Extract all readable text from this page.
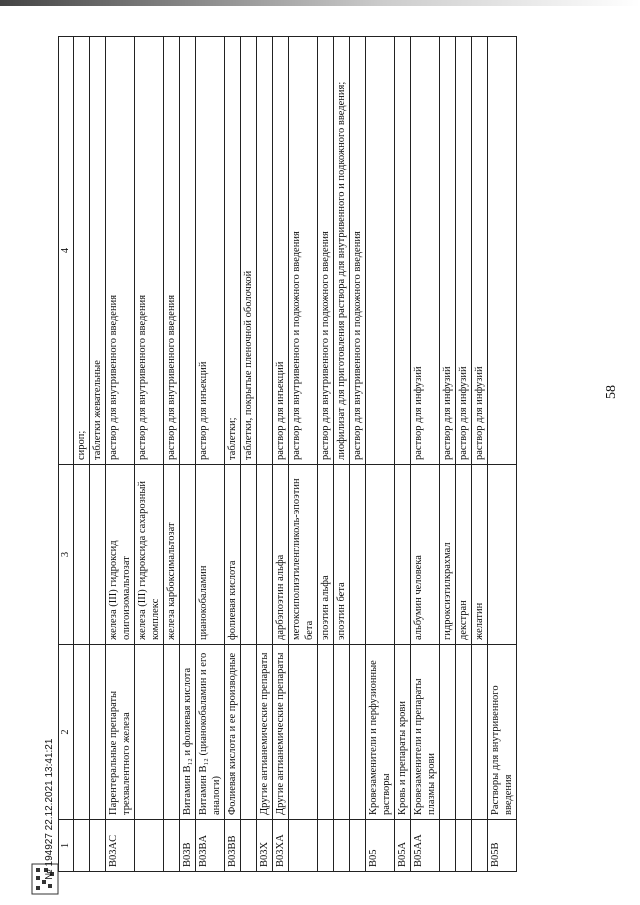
58
1	2	3	4
			сироп;
			таблетки жевательные
B03AC	Парентеральные препараты трехвалентного железа	железа (III) гидроксид олигоизомальтозат	раствор для внутривенного введения
		железа (III) гидроксида сахарозный комплекс	раствор для внутривенного введения
		железа карбоксимальтозат	раствор для внутривенного введения
B03B	Витамин B₁₂ и фолиевая кислота		
B03BA	Витамин B₁₂ (цианокобаламин и его аналоги)	цианокобаламин	раствор для инъекций
B03BB	Фолиевая кислота и ее производные	фолиевая кислота	таблетки;
			таблетки, покрытые пленочной оболочкой
B03X	Другие антианемические препараты		
B03XA	Другие антианемические препараты	дарбэпоэтин альфа	раствор для инъекций
		метоксиполиэтиленгликоль-эпоэтин бета	раствор для внутривенного и подкожного введения
		эпоэтин альфа	раствор для внутривенного и подкожного введения
		эпоэтин бета	лиофилизат для приготовления раствора для внутривенного и подкожного введения;
			раствор для внутривенного и подкожного введения
B05	Кровезаменители и перфузионные растворы		
B05A	Кровь и препараты крови		
B05AA	Кровезаменители и препараты плазмы крови	альбумин человека	раствор для инфузий
		гидроксиэтилкрахмал	раствор для инфузий
		декстран	раствор для инфузий
		желатин	раствор для инфузий
B05B	Растворы для внутривенного введения		
№ 194927 22.12.2021 13:41:21
